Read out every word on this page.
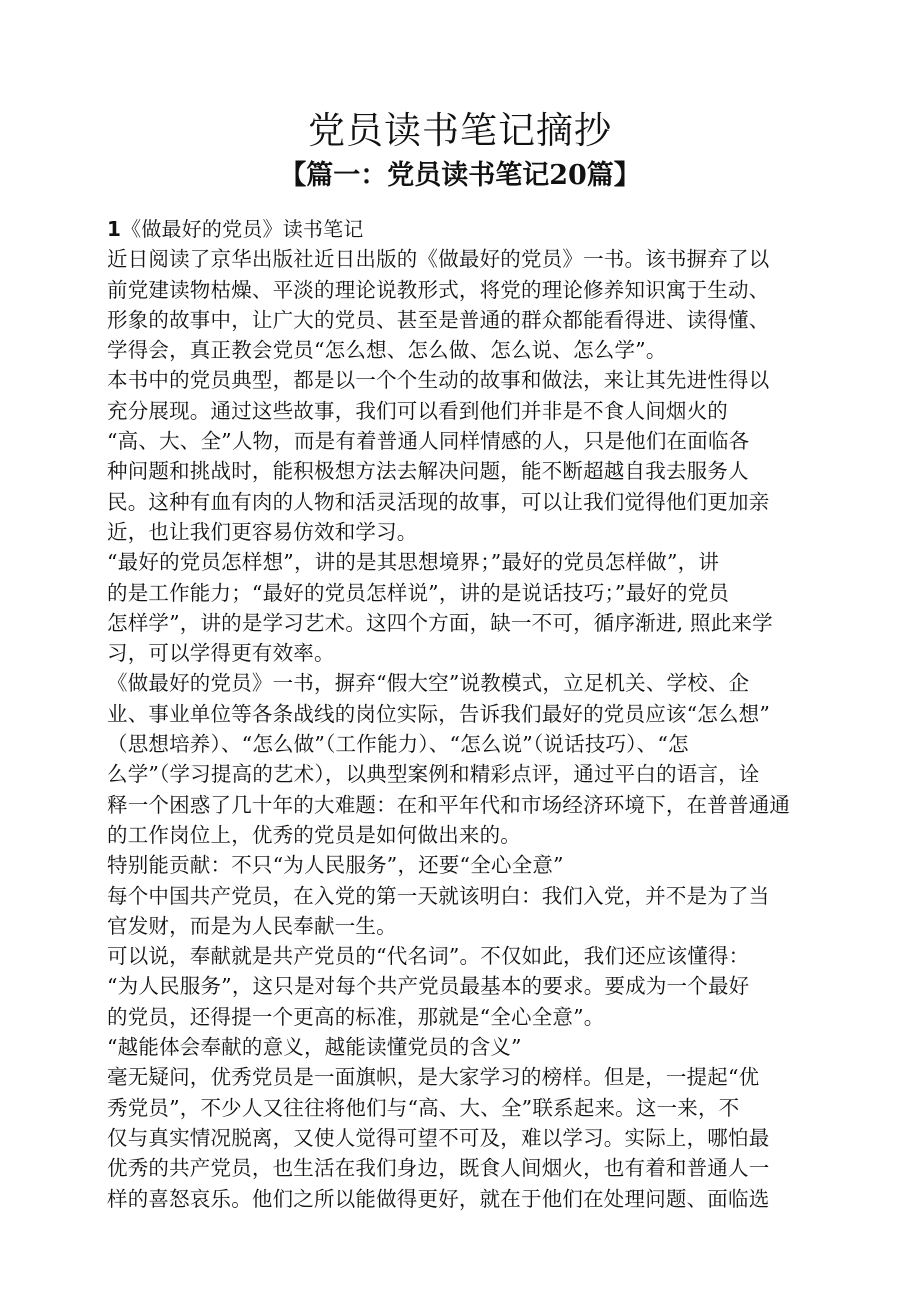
党员读书笔记摘抄
【篇一：党员读书笔记20篇】
1《做最好的党员》读书笔记
近日阅读了京华出版社近日出版的《做最好的党员》一书。该书摒弃了以
前党建读物枯燥、平淡的理论说教形式，将党的理论修养知识寓于生动、
形象的故事中，让广大的党员、甚至是普通的群众都能看得进、读得懂、
学得会，真正教会党员“怎么想、怎么做、怎么说、怎么学”。
本书中的党员典型，都是以一个个生动的故事和做法，来让其先进性得以
充分展现。通过这些故事，我们可以看到他们并非是不食人间烟火的
“高、大、全”人物，而是有着普通人同样情感的人，只是他们在面临各
种问题和挑战时，能积极想方法去解决问题，能不断超越自我去服务人
民。这种有血有肉的人物和活灵活现的故事，可以让我们觉得他们更加亲
近，也让我们更容易仿效和学习。
“最好的党员怎样想”，讲的是其思想境界；”最好的党员怎样做”，讲
的是工作能力；“最好的党员怎样说”，讲的是说话技巧；”最好的党员
怎样学”，讲的是学习艺术。这四个方面，缺一不可，循序渐进, 照此来学
习，可以学得更有效率。
《做最好的党员》一书，摒弃“假大空”说教模式，立足机关、学校、企
业、事业单位等各条战线的岗位实际，告诉我们最好的党员应该“怎么想”
（思想培养）、“怎么做”（工作能力）、“怎么说”（说话技巧）、“怎
么学”（学习提高的艺术），以典型案例和精彩点评，通过平白的语言，诠
释一个困惑了几十年的大难题：在和平年代和市场经济环境下，在普普通通
的工作岗位上，优秀的党员是如何做出来的。
特别能贡献：不只“为人民服务”，还要“全心全意”
每个中国共产党员，在入党的第一天就该明白：我们入党，并不是为了当
官发财，而是为人民奉献一生。
可以说，奉献就是共产党员的“代名词”。不仅如此，我们还应该懂得：
“为人民服务”，这只是对每个共产党员最基本的要求。要成为一个最好
的党员，还得提一个更高的标准，那就是“全心全意”。
“越能体会奉献的意义，越能读懂党员的含义”
毫无疑问，优秀党员是一面旗帜，是大家学习的榜样。但是，一提起“优
秀党员”，不少人又往往将他们与“高、大、全”联系起来。这一来，不
仅与真实情况脱离，又使人觉得可望不可及，难以学习。实际上，哪怕最
优秀的共产党员，也生活在我们身边，既食人间烟火，也有着和普通人一
样的喜怒哀乐。他们之所以能做得更好，就在于他们在处理问题、面临选
